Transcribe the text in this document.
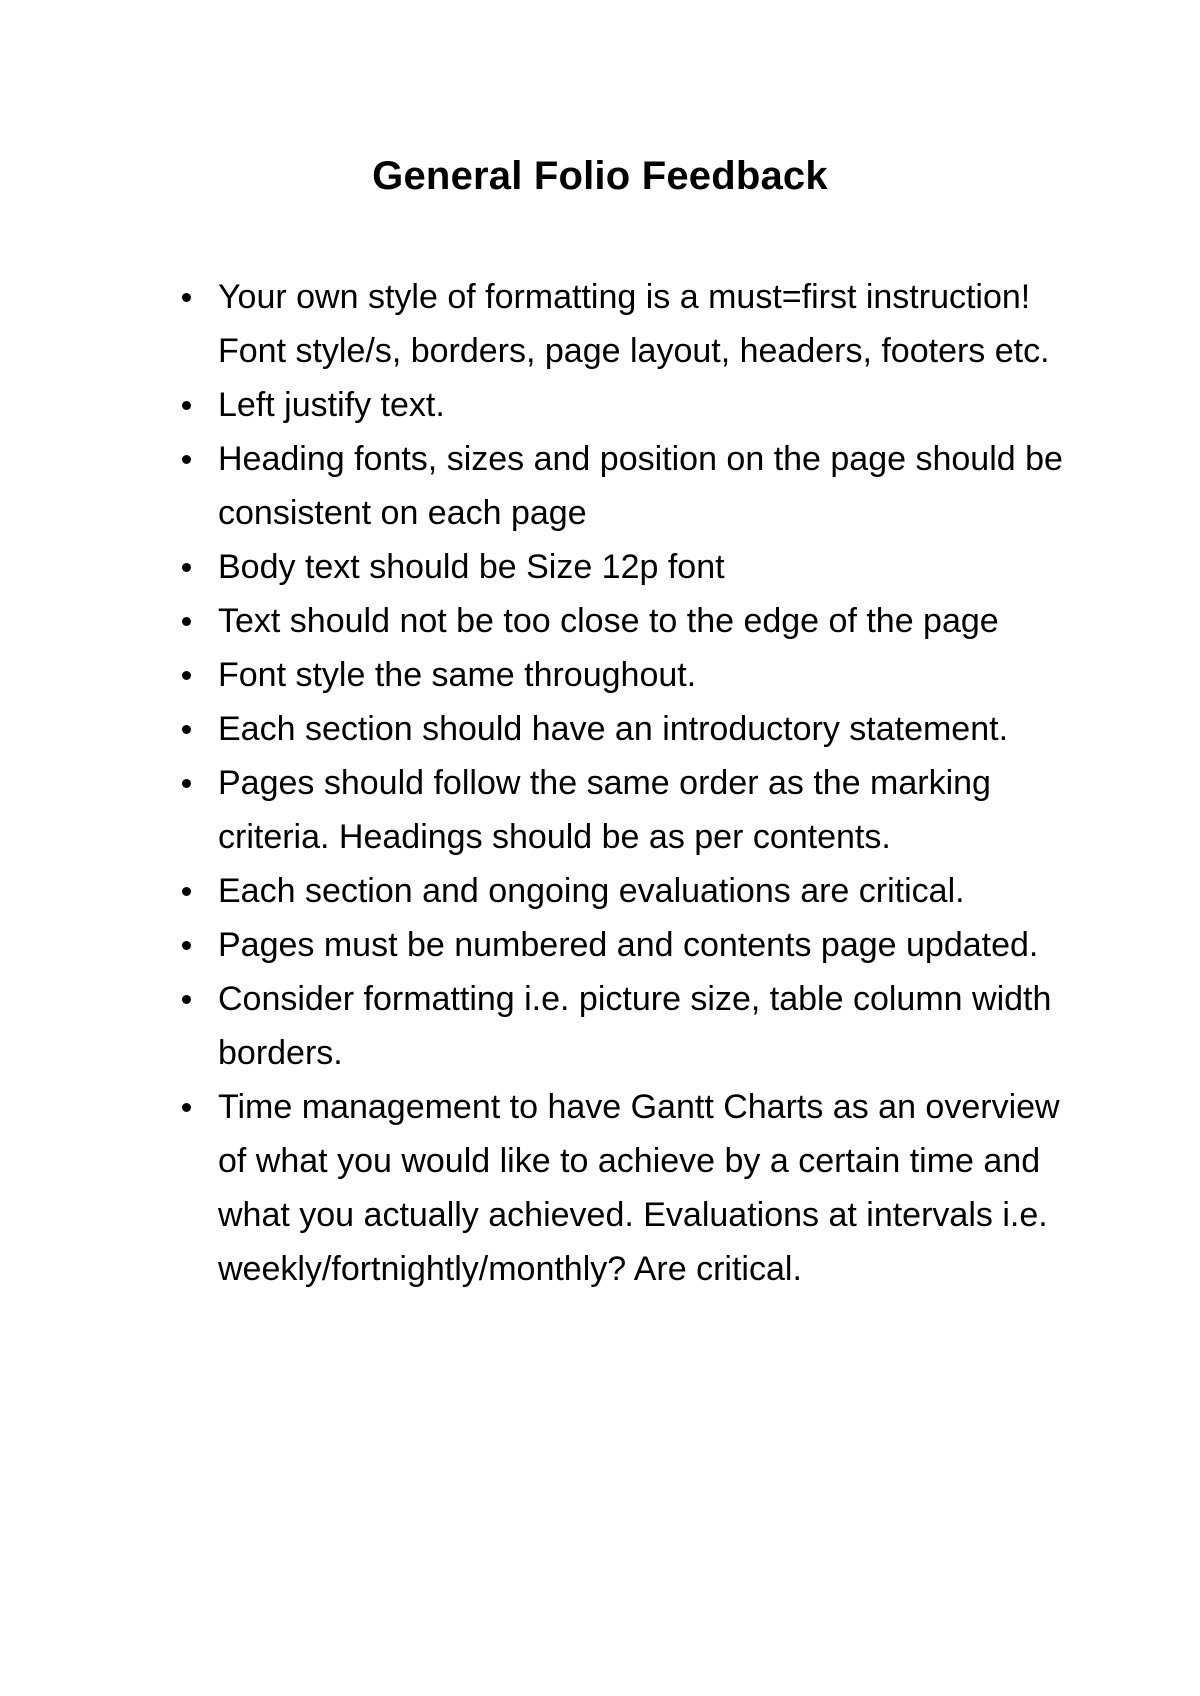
General Folio Feedback
Your own style of formatting is a must=first instruction! Font style/s, borders, page layout, headers, footers etc.
Left justify text.
Heading fonts, sizes and position on the page should be consistent on each page
Body text should be Size 12p font
Text should not be too close to the edge of the page
Font style the same throughout.
Each section should have an introductory statement.
Pages should follow the same order as the marking criteria. Headings should be as per contents.
Each section and ongoing evaluations are critical.
Pages must be numbered and contents page updated.
Consider formatting i.e. picture size, table column width borders.
Time management to have Gantt Charts as an overview of what you would like to achieve by a certain time and what you actually achieved. Evaluations at intervals i.e. weekly/fortnightly/monthly? Are critical.
